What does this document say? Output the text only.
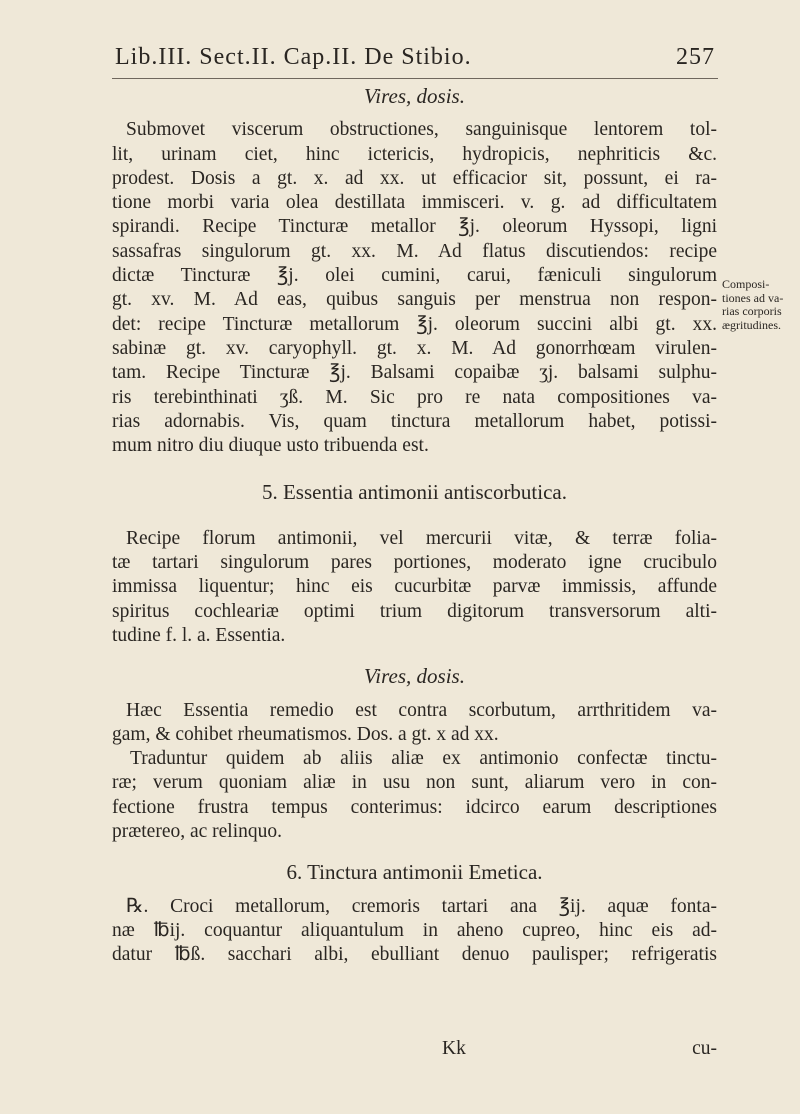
Lib.III. Sect.II. Cap.II. De Stibio.	257
Vires, dosis.
Submovet viscerum obstructiones, sanguinisque lentorem tol-
lit, urinam ciet, hinc ictericis, hydropicis, nephriticis &c.
prodest. Dosis a gt. x. ad xx. ut efficacior sit, possunt, ei ra-
tione morbi varia olea destillata immisceri. v. g. ad difficultatem
spirandi. Recipe Tincturæ metallor ℥j. oleorum Hyssopi, ligni
sassafras singulorum gt. xx. M. Ad flatus discutiendos: recipe
dictæ Tincturæ ℥j. olei cumini, carui, fæniculi singulorum
gt. xv. M. Ad eas, quibus sanguis per menstrua non respon-
det: recipe Tincturæ metallorum ℥j. oleorum succini albi gt. xx.
sabinæ gt. xv. caryophyll. gt. x. M. Ad gonorrhœam virulen-
tam. Recipe Tincturæ ℥j. Balsami copaibæ ʒj. balsami sulphu-
ris terebinthinati ʒß. M. Sic pro re nata compositiones va-
rias adornabis. Vis, quam tinctura metallorum habet, potissi-
mum nitro diu diuque usto tribuenda est.
5. Essentia antimonii antiscorbutica.
Recipe florum antimonii, vel mercurii vitæ, & terræ folia-
tæ tartari singulorum pares portiones, moderato igne crucibulo
immissa liquentur; hinc eis cucurbitæ parvæ immissis, affunde
spiritus cochleariæ optimi trium digitorum transversorum alti-
tudine f. l. a. Essentia.
Vires, dosis.
Hæc Essentia remedio est contra scorbutum, arrthritidem va-
gam, & cohibet rheumatismos. Dos. a gt. x ad xx.
Traduntur quidem ab aliis aliæ ex antimonio confectæ tinctu-
ræ; verum quoniam aliæ in usu non sunt, aliarum vero in con-
fectione frustra tempus conterimus: idcirco earum descriptiones
prætereo, ac relinquo.
6. Tinctura antimonii Emetica.
℞. Croci metallorum, cremoris tartari ana ℥ij. aquæ fonta-
næ ℔ij. coquantur aliquantulum in aheno cupreo, hinc eis ad-
datur ℔ß. sacchari albi, ebulliant denuo paulisper; refrigeratis
Composi-
tiones ad va-
rias corporis
ægritudines.
Kk	cu-
